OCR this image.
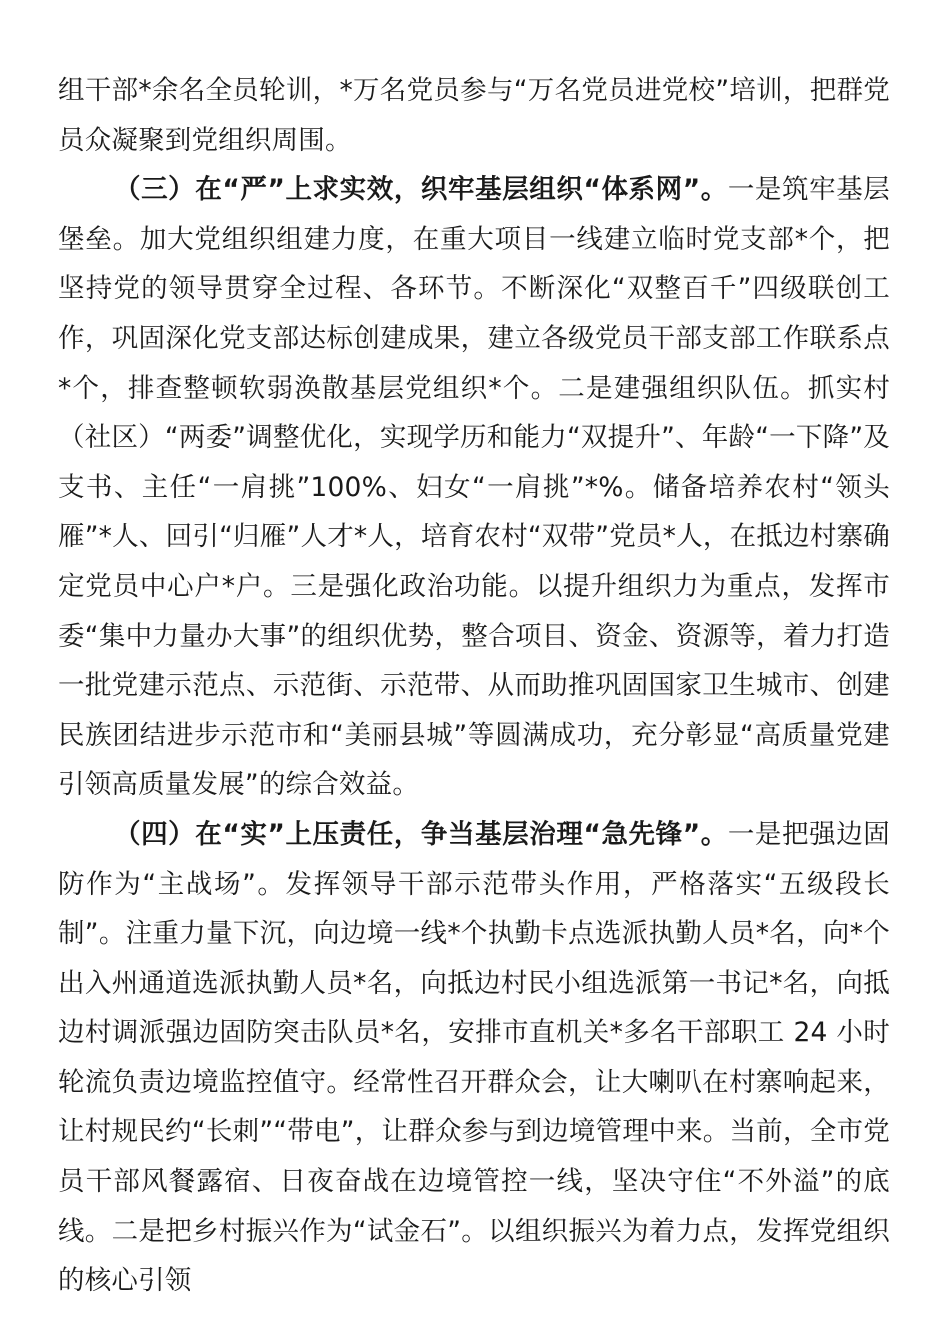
组干部*余名全员轮训，*万名党员参与“万名党员进党校”培训，把群党员众凝聚到党组织周围。

（三）在“严”上求实效，织牢基层组织“体系网”。一是筑牢基层堡垒。加大党组织组建力度，在重大项目一线建立临时党支部*个，把坚持党的领导贯穿全过程、各环节。不断深化“双整百千”四级联创工作，巩固深化党支部达标创建成果，建立各级党员干部支部工作联系点*个，排查整顿软弱涣散基层党组织*个。二是建强组织队伍。抓实村（社区）“两委”调整优化，实现学历和能力“双提升”、年龄“一下降”及支书、主任“一肩挑”100%、妇女“一肩挑”*%。储备培养农村“领头雁”*人、回引“归雁”人才*人，培育农村“双带”党员*人，在抵边村寨确定党员中心户*户。三是强化政治功能。以提升组织力为重点，发挥市委“集中力量办大事”的组织优势，整合项目、资金、资源等，着力打造一批党建示范点、示范街、示范带、从而助推巩固国家卫生城市、创建民族团结进步示范市和“美丽县城”等圆满成功，充分彰显“高质量党建引领高质量发展”的综合效益。

（四）在“实”上压责任，争当基层治理“急先锋”。一是把强边固防作为“主战场”。发挥领导干部示范带头作用，严格落实“五级段长制”。注重力量下沉，向边境一线*个执勤卡点选派执勤人员*名，向*个出入州通道选派执勤人员*名，向抵边村民小组选派第一书记*名，向抵边村调派强边固防突击队员*名，安排市直机关*多名干部职工 24 小时轮流负责边境监控值守。经常性召开群众会，让大喇叭在村寨响起来，让村规民约“长刺”“带电”，让群众参与到边境管理中来。当前，全市党员干部风餐露宿、日夜奋战在边境管控一线，坚决守住“不外溢”的底线。二是把乡村振兴作为“试金石”。以组织振兴为着力点，发挥党组织的核心引领
